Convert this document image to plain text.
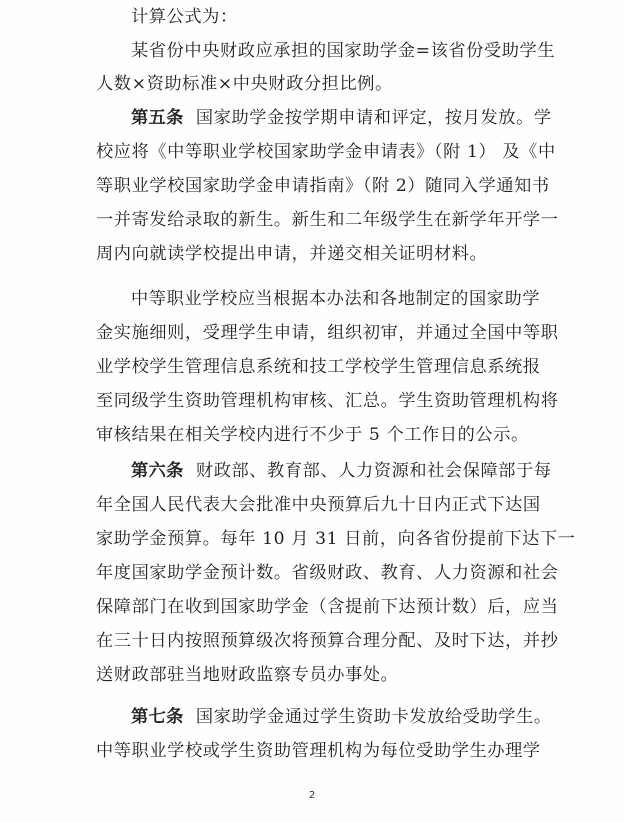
计算公式为：
某省份中央财政应承担的国家助学金=该省份受助学生
人数×资助标准×中央财政分担比例。
第五条 国家助学金按学期申请和评定，按月发放。学
校应将《中等职业学校国家助学金申请表》（附 1） 及《中
等职业学校国家助学金申请指南》（附 2）随同入学通知书
一并寄发给录取的新生。新生和二年级学生在新学年开学一
周内向就读学校提出申请，并递交相关证明材料。
中等职业学校应当根据本办法和各地制定的国家助学
金实施细则，受理学生申请，组织初审，并通过全国中等职
业学校学生管理信息系统和技工学校学生管理信息系统报
至同级学生资助管理机构审核、汇总。学生资助管理机构将
审核结果在相关学校内进行不少于 5 个工作日的公示。
第六条 财政部、教育部、人力资源和社会保障部于每
年全国人民代表大会批准中央预算后九十日内正式下达国
家助学金预算。每年 10 月 31 日前，向各省份提前下达下一
年度国家助学金预计数。省级财政、教育、人力资源和社会
保障部门在收到国家助学金（含提前下达预计数）后，应当
在三十日内按照预算级次将预算合理分配、及时下达，并抄
送财政部驻当地财政监察专员办事处。
第七条 国家助学金通过学生资助卡发放给受助学生。
中等职业学校或学生资助管理机构为每位受助学生办理学
2
